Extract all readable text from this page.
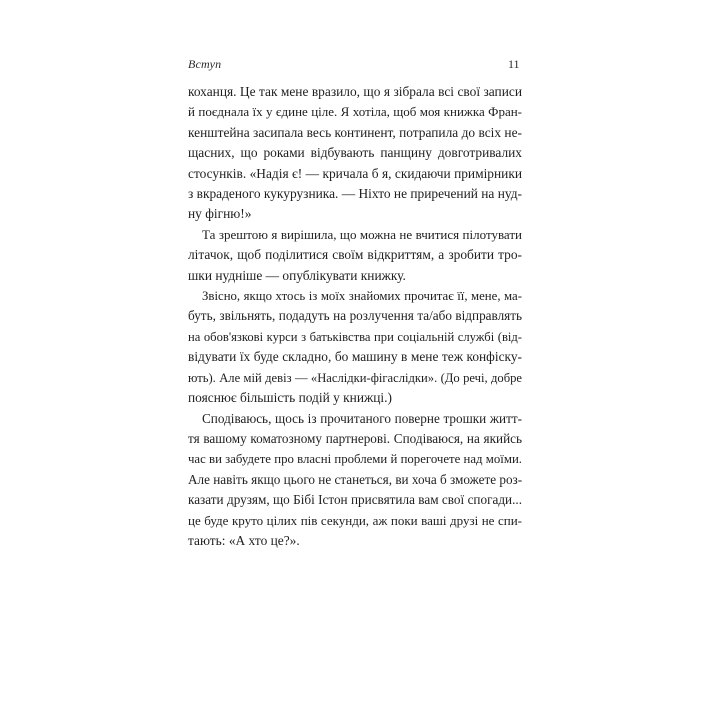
Вступ	11
коханця. Це так мене вразило, що я зібрала всі свої записи
й поєднала їх у єдине ціле. Я хотіла, щоб моя книжка Фран-
кенштейна засипала весь континент, потрапила до всіх не-
щасних, що роками відбувають панщину довготривалих
стосунків. «Надія є! — кричала б я, скидаючи примірники
з вкраденого кукурузника. — Ніхто не приречений на нуд-
ну фігню!»
Та зрештою я вирішила, що можна не вчитися пілотувати
літачок, щоб поділитися своїм відкриттям, а зробити тро-
шки нудніше — опублікувати книжку.
Звісно, якщо хтось із моїх знайомих прочитає її, мене, ма-
буть, звільнять, подадуть на розлучення та/або відправлять
на обов'язкові курси з батьківства при соціальній службі (від-
відувати їх буде складно, бо машину в мене теж конфіску-
ють). Але мій девіз — «Наслідки-фігаслідки». (До речі, добре
пояснює більшість подій у книжці.)
Сподіваюсь, щось із прочитаного поверне трошки житт-
тя вашому коматозному партнерові. Сподіваюся, на якийсь
час ви забудете про власні проблеми й порегочете над моїми.
Але навіть якщо цього не станеться, ви хоча б зможете роз-
казати друзям, що Бібі Істон присвятила вам свої спогади...
це буде круто цілих пів секунди, аж поки ваші друзі не спи-
тають: «А хто це?».
